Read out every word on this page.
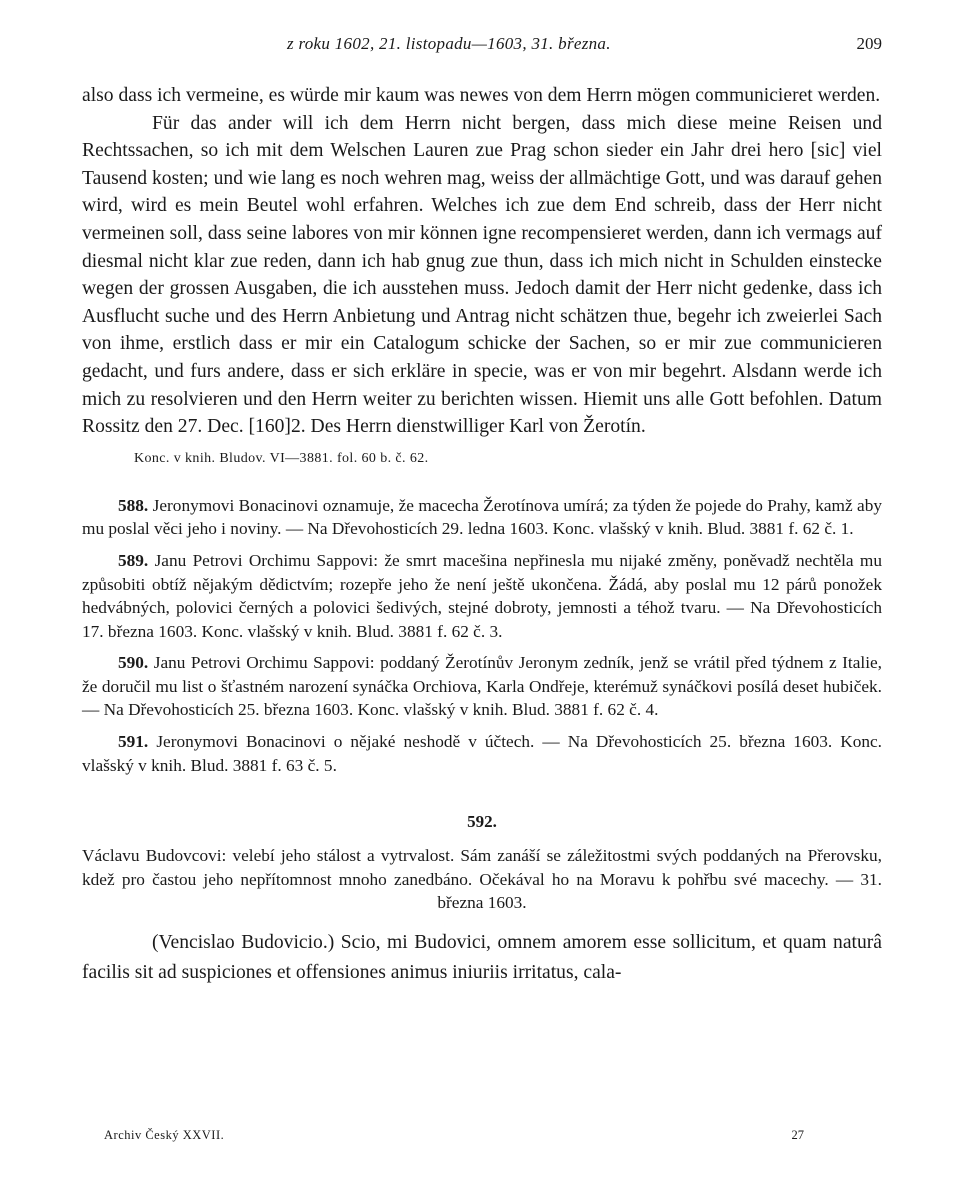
z roku 1602, 21. listopadu—1603, 31. března.	209

also dass ich vermeine, es würde mir kaum was newes von dem Herrn mögen communicieret werden.

Für das ander will ich dem Herrn nicht bergen, dass mich diese meine Reisen und Rechtssachen, so ich mit dem Welschen Lauren zue Prag schon sieder ein Jahr drei hero [sic] viel Tausend kosten; und wie lang es noch wehren mag, weiss der allmächtige Gott, und was darauf gehen wird, wird es mein Beutel wohl erfahren. Welches ich zue dem End schreib, dass der Herr nicht vermeinen soll, dass seine labores von mir können igne recompensieret werden, dann ich vermags auf diesmal nicht klar zue reden, dann ich hab gnug zue thun, dass ich mich nicht in Schulden einstecke wegen der grossen Ausgaben, die ich ausstehen muss. Jedoch damit der Herr nicht gedenke, dass ich Ausflucht suche und des Herrn Anbietung und Antrag nicht schätzen thue, begehr ich zweierlei Sach von ihme, erstlich dass er mir ein Catalogum schicke der Sachen, so er mir zue communicieren gedacht, und furs andere, dass er sich erkläre in specie, was er von mir begehrt. Alsdann werde ich mich zu resolvieren und den Herrn weiter zu berichten wissen. Hiemit uns alle Gott befohlen. Datum Rossitz den 27. Dec. [160]2. Des Herrn dienstwilliger Karl von Žerotín.

Konc. v knih. Bludov. VI—3881. fol. 60 b. č. 62.

588. Jeronymovi Bonacinovi oznamuje, že macecha Žerotínova umírá; za týden že pojede do Prahy, kamž aby mu poslal věci jeho i noviny. — Na Dřevohosticích 29. ledna 1603. Konc. vlašský v knih. Blud. 3881 f. 62 č. 1.

589. Janu Petrovi Orchimu Sappovi: že smrt macešina nepřinesla mu nijaké změny, poněvadž nechtěla mu způsobiti obtíž nějakým dědictvím; rozepře jeho že není ještě ukončena. Žádá, aby poslal mu 12 párů ponožek hedvábných, polovici černých a polovici šedivých, stejné dobroty, jemnosti a téhož tvaru. — Na Dřevohosticích 17. března 1603. Konc. vlašský v knih. Blud. 3881 f. 62 č. 3.

590. Janu Petrovi Orchimu Sappovi: poddaný Žerotínův Jeronym zedník, jenž se vrátil před týdnem z Italie, že doručil mu list o šťastném narození synáčka Orchiova, Karla Ondřeje, kterémuž synáčkovi posílá deset hubiček. — Na Dřevohosticích 25. března 1603. Konc. vlašský v knih. Blud. 3881 f. 62 č. 4.

591. Jeronymovi Bonacinovi o nějaké neshodě v účtech. — Na Dřevohosticích 25. března 1603. Konc. vlašský v knih. Blud. 3881 f. 63 č. 5.

592.

Václavu Budovcovi: velebí jeho stálost a vytrvalost. Sám zanáší se záležitostmi svých poddaných na Přerovsku, kdež pro častou jeho nepřítomnost mnoho zanedbáno. Očekával ho na Moravu k pohřbu své macechy. — 31. března 1603.

(Vencislao Budovicio.) Scio, mi Budovici, omnem amorem esse sollicitum, et quam naturâ facilis sit ad suspiciones et offensiones animus iniuriis irritatus, cala-

Archiv Český XXVII.	27
